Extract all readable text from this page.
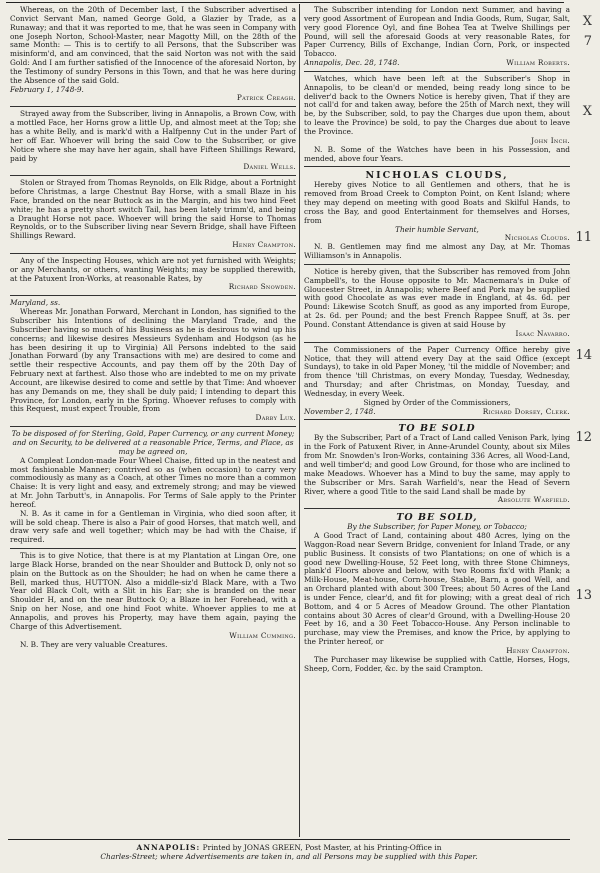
Whereas, on the 20th of December last, I the Subscriber advertised a Convict Servant Man, named George Gold, a Glazier by Trade, as a Runaway; and that it was reported to me, that he was seen in Company with one Joseph Norton, School-Master, near Magotty Mill, on the 28th of the same Month: — This is to certify to all Persons, that the Subscriber was misinform'd, and am convinced, that the said Norton was not with the said Gold: And I am further satisfied of the Innocence of the aforesaid Norton, by the Testimony of sundry Persons in this Town, and that he was here during the Absence of the said Gold.

February 1, 1748-9.

Patrick Creagh.

Strayed away from the Subscriber, living in Annapolis, a Brown Cow, with a mottled Face, her Horns grow a little Up, and almost meet at the Top; she has a white Belly, and is mark'd with a Halfpenny Cut in the under Part of her off Ear. Whoever will bring the said Cow to the Subscriber, or give Notice where she may have her again, shall have Fifteen Shillings Reward, paid by

Daniel Wells.

Stolen or Strayed from Thomas Reynolds, on Elk Ridge, about a Fortnight before Christmas, a large Chestnut Bay Horse, with a small Blaze in his Face, branded on the near Buttock as in the Margin, and his two hind Feet white; he has a pretty short switch Tail, has been lately trimm'd, and being a Draught Horse not pace. Whoever will bring the said Horse to Thomas Reynolds, or to the Subscriber living near Severn Bridge, shall have Fifteen Shillings Reward.

Henry Crampton.

Any of the Inspecting Houses, which are not yet furnished with Weights; or any Merchants, or others, wanting Weights; may be supplied therewith, at the Patuxent Iron-Works, at reasonable Rates, by

Richard Snowden.

Maryland, ss.

Whereas Mr. Jonathan Forward, Merchant in London, has signified to the Subscriber his Intentions of declining the Maryland Trade, and the Subscriber having so much of his Business as he is desirous to wind up his concerns; and likewise desires Messieurs Sydenham and Hodgson (as he has been desiring it up to Virginia) All Persons indebted to the said Jonathan Forward (by any Transactions with me) are desired to come and settle their respective Accounts, and pay them off by the 20th Day of February next at farthest. Also those who are indebted to me on my private Account, are likewise desired to come and settle by that Time: And whoever has any Demands on me, they shall be duly paid; I intending to depart this Province, for London, early in the Spring. Whoever refuses to comply with this Request, must expect Trouble, from

Darby Lux.

To be disposed of for Sterling, Gold, Paper Currency, or any current Money; and on Security, to be delivered at a reasonable Price, Terms, and Place, as may be agreed on,

A Compleat London-made Four Wheel Chaise, fitted up in the neatest and most fashionable Manner; contrived so as (when occasion) to carry very commodiously as many as a Coach, at other Times no more than a common Chaise: It is very light and easy, and extremely strong; and may be viewed at Mr. John Tarbutt's, in Annapolis. For Terms of Sale apply to the Printer hereof.

N. B. As it came in for a Gentleman in Virginia, who died soon after, it will be sold cheap. There is also a Pair of good Horses, that match well, and draw very safe and well together; which may be had with the Chaise, if required.

This is to give Notice, that there is at my Plantation at Lingan Ore, one large Black Horse, branded on the near Shoulder and Buttock D, only not so plain on the Buttock as on the Shoulder; he had on when he came there a Bell, marked thus, HUTTON. Also a middle-siz'd Black Mare, with a Two Year old Black Colt, with a Slit in his Ear; she is branded on the near Shoulder H, and on the near Buttock O; a Blaze in her Forehead, with a Snip on her Nose, and one hind Foot white. Whoever applies to me at Annapolis, and proves his Property, may have them again, paying the Charge of this Advertisement.

William Cumming.

N. B. They are very valuable Creatures.

The Subscriber intending for London next Summer, and having a very good Assortment of European and India Goods, Rum, Sugar, Salt, very good Florence Oyl, and fine Bohea Tea at Twelve Shillings per Pound, will sell the aforesaid Goods at very reasonable Rates, for Paper Currency, Bills of Exchange, Indian Corn, Pork, or inspected Tobacco.

Annapolis, Dec. 28, 1748.	William Roberts.

Watches, which have been left at the Subscriber's Shop in Annapolis, to be clean'd or mended, being ready long since to be deliver'd back to the Owners Notice is hereby given, That if they are not call'd for and taken away, before the 25th of March next, they will be, by the Subscriber, sold, to pay the Charges due upon them, about to leave the Province) be sold, to pay the Charges due about to leave the Province.

John Inch.

N. B. Some of the Watches have been in his Possession, and mended, above four Years.

NICHOLAS CLOUDS,

Hereby gives Notice to all Gentlemen and others, that he is removed from Broad Creek to Compton Point, on Kent Island; where they may depend on meeting with good Boats and Skilful Hands, to cross the Bay, and good Entertainment for themselves and Horses, from

Their humble Servant,

Nicholas Clouds.

N. B. Gentlemen may find me almost any Day, at Mr. Thomas Williamson's in Annapolis.

Notice is hereby given, that the Subscriber has removed from John Campbell's, to the House opposite to Mr. Macnemara's in Duke of Gloucester Street, in Annapolis; where Beef and Pork may be supplied with good Chocolate as was ever made in England, at 4s. 6d. per Pound: Likewise Scotch Snuff, as good as any imported from Europe, at 2s. 6d. per Pound; and the best French Rappee Snuff, at 3s. per Pound. Constant Attendance is given at said House by

Isaac Navarro.

The Commissioners of the Paper Currency Office hereby give Notice, that they will attend every Day at the said Office (except Sundays), to take in old Paper Money, 'til the middle of November; and from thence 'till Christmas, on every Monday, Tuesday, Wednesday, and Thursday; and after Christmas, on Monday, Tuesday, and Wednesday, in every Week.

Signed by Order of the Commissioners,

November 2, 1748.	Richard Dorsey, Clerk.

TO BE SOLD

By the Subscriber, Part of a Tract of Land called Venison Park, lying in the Fork of Patuxent River, in Anne-Arundel County, about six Miles from Mr. Snowden's Iron-Works, containing 336 Acres, all Wood-Land, and well timber'd; and good Low Ground, for those who are inclined to make Meadows. Whoever has a Mind to buy the same, may apply to the Subscriber or Mrs. Sarah Warfield's, near the Head of Severn River, where a good Title to the said Land shall be made by

Absolute Warfield.

TO BE SOLD,

By the Subscriber, for Paper Money, or Tobacco;

A Good Tract of Land, containing about 480 Acres, lying on the Waggon-Road near Severn Bridge, convenient for Inland Trade, or any public Business. It consists of two Plantations; on one of which is a good new Dwelling-House, 52 Feet long, with three Stone Chimneys, plank'd Floors above and below, with two Rooms fix'd with Plank; a Milk-House, Meat-house, Corn-house, Stable, Barn, a good Well, and an Orchard planted with about 300 Trees; about 50 Acres of the Land is under Fence, clear'd, and fit for plowing; with a great deal of rich Bottom, and 4 or 5 Acres of Meadow Ground. The other Plantation contains about 30 Acres of clear'd Ground, with a Dwelling-House 20 Feet by 16, and a 30 Feet Tobacco-House. Any Person inclinable to purchase, may view the Premises, and know the Price, by applying to the Printer hereof, or

Henry Crampton.

The Purchaser may likewise be supplied with Cattle, Horses, Hogs, Sheep, Corn, Fodder, &c. by the said Crampton.

X
7
X
11
14
12
13
ANNAPOLIS: Printed by JONAS GREEN, Post Master, at his Printing-Office in
Charles-Street; where Advertisements are taken in, and all Persons may be supplied with this Paper.
